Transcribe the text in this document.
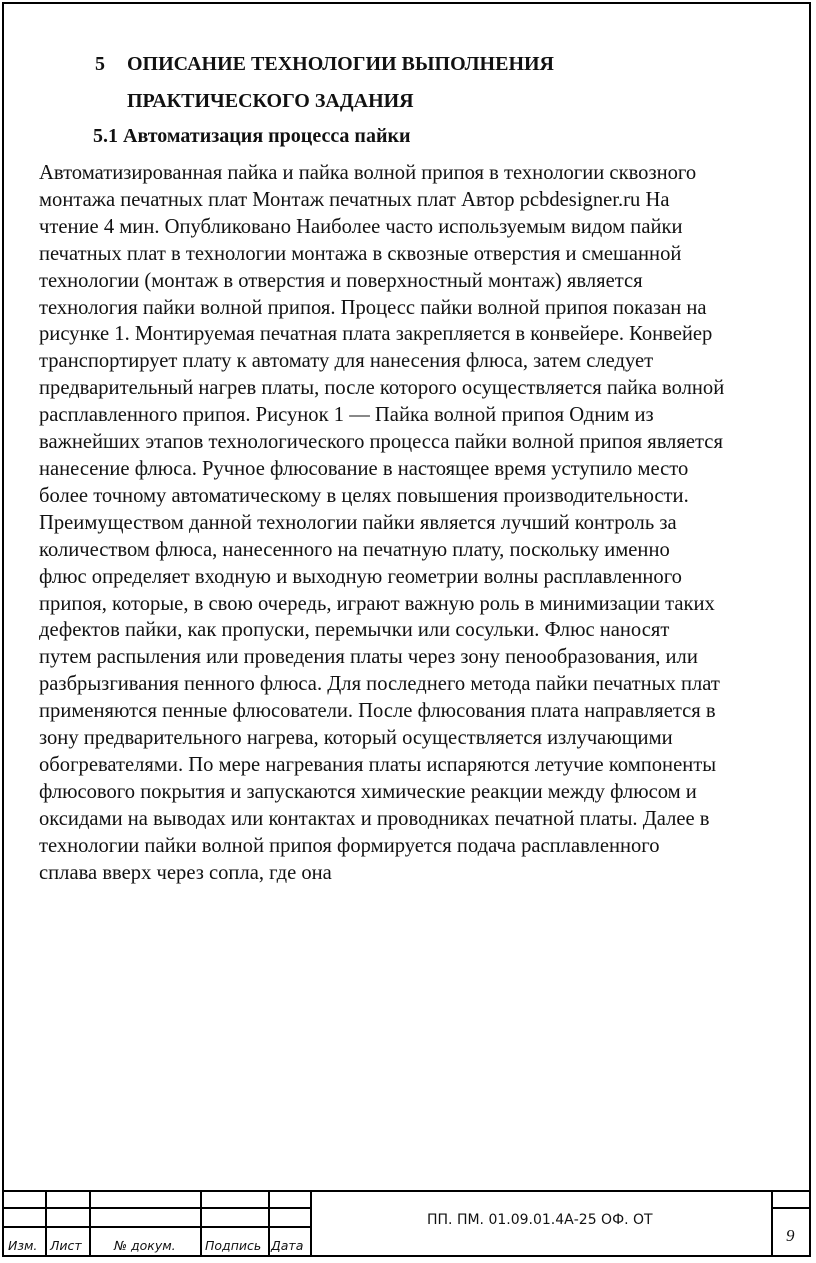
5 ОПИСАНИЕ ТЕХНОЛОГИИ ВЫПОЛНЕНИЯ
ПРАКТИЧЕСКОГО ЗАДАНИЯ
5.1 Автоматизация процесса пайки
Автоматизированная пайка и пайка волной припоя в технологии сквозного
монтажа печатных плат Монтаж печатных плат Автор pcbdesigner.ru На
чтение 4 мин. Опубликовано Наиболее часто используемым видом пайки
печатных плат в технологии монтажа в сквозные отверстия и смешанной
технологии (монтаж в отверстия и поверхностный монтаж) является
технология пайки волной припоя. Процесс пайки волной припоя показан на
рисунке 1. Монтируемая печатная плата закрепляется в конвейере. Конвейер
транспортирует плату к автомату для нанесения флюса, затем следует
предварительный нагрев платы, после которого осуществляется пайка волной
расплавленного припоя. Рисунок 1 — Пайка волной припоя Одним из
важнейших этапов технологического процесса пайки волной припоя является
нанесение флюса. Ручное флюсование в настоящее время уступило место
более точному автоматическому в целях повышения производительности.
Преимуществом данной технологии пайки является лучший контроль за
количеством флюса, нанесенного на печатную плату, поскольку именно
флюс определяет входную и выходную геометрии волны расплавленного
припоя, которые, в свою очередь, играют важную роль в минимизации таких
дефектов пайки, как пропуски, перемычки или сосульки. Флюс наносят
путем распыления или проведения платы через зону пенообразования, или
разбрызгивания пенного флюса. Для последнего метода пайки печатных плат
применяются пенные флюсователи. После флюсования плата направляется в
зону предварительного нагрева, который осуществляется излучающими
обогревателями. По мере нагревания платы испаряются летучие компоненты
флюсового покрытия и запускаются химические реакции между флюсом и
оксидами на выводах или контактах и проводниках печатной платы. Далее в
технологии пайки волной припоя формируется подача расплавленного
сплава вверх через сопла, где она
Изм. Лист	№ докум. Подпись Дата
ПП. ПМ. 01.09.01.4А-25 ОФ. ОТ
9
